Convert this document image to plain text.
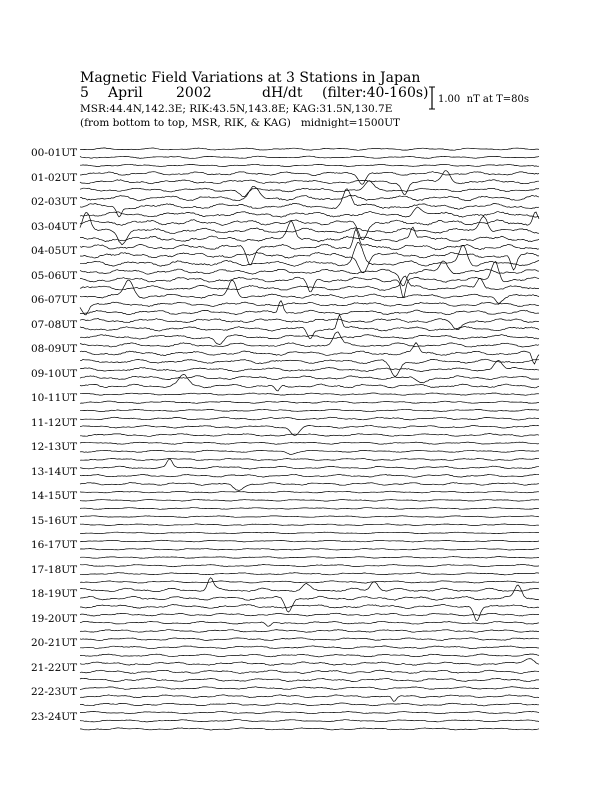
Magnetic Field Variations at 3 Stations in Japan
5 April 2002	dH/dt (filter:40-160s)
MSR:44.4N,142.3E; RIK:43.5N,143.8E; KAG:31.5N,130.7E
(from bottom to top, MSR, RIK, & KAG)   midnight=1500UT
1.00  nT at T=80s
00-01UT
01-02UT
02-03UT
03-04UT
04-05UT
05-06UT
06-07UT
07-08UT
08-09UT
09-10UT
10-11UT
11-12UT
12-13UT
13-14UT
14-15UT
15-16UT
16-17UT
17-18UT
18-19UT
19-20UT
20-21UT
21-22UT
22-23UT
23-24UT
